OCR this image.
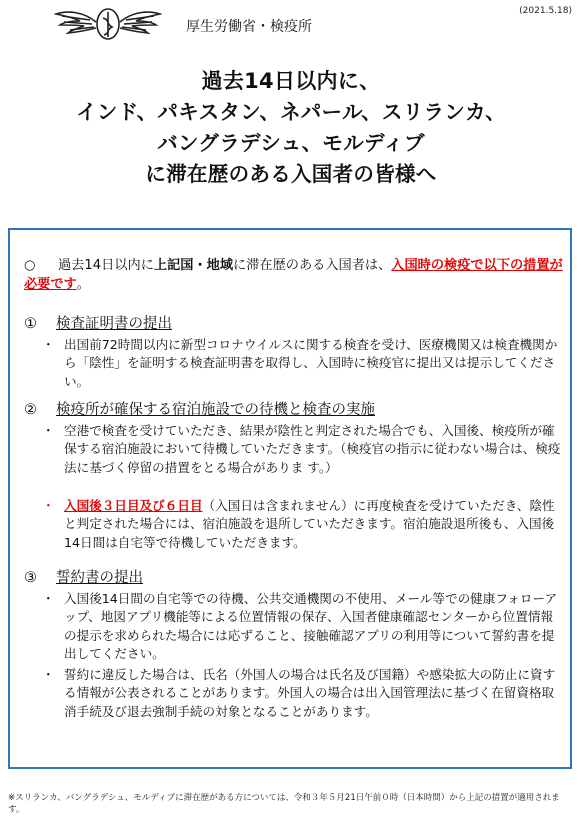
(2021.5.18)
厚生労働省・検疫所
過去14日以内に、
インド、パキスタン、ネパール、スリランカ、
バングラデシュ、モルディブ
に滞在歴のある入国者の皆様へ
○ 過去14日以内に上記国・地域に滞在歴のある入国者は、入国時の検疫で以下の措置が必要です。
① 検査証明書の提出
・ 出国前72時間以内に新型コロナウイルスに関する検査を受け、医療機関又は検査機関から「陰性」を証明する検査証明書を取得し、入国時に検疫官に提出又は提示してください。
② 検疫所が確保する宿泊施設での待機と検査の実施
・ 空港で検査を受けていただき、結果が陰性と判定された場合でも、入国後、検疫所が確保する宿泊施設において待機していただきます。（検疫官の指示に従わない場合は、検疫法に基づく停留の措置をとる場合がありま す。）
・ 入国後３日目及び６日目（入国日は含まれません）に再度検査を受けていただき、陰性と判定された場合には、宿泊施設を退所していただきます。宿泊施設退所後も、入国後14日間は自宅等で待機していただきます。
③ 誓約書の提出
・ 入国後14日間の自宅等での待機、公共交通機関の不使用、メール等での健康フォローアップ、地図アプリ機能等による位置情報の保存、入国者健康確認センターから位置情報の提示を求められた場合には応ずること、接触確認アプリの利用等について誓約書を提出してください。
・ 誓約に違反した場合は、氏名（外国人の場合は氏名及び国籍）や感染拡大の防止に資する情報が公表されることがあります。外国人の場合は出入国管理法に基づく在留資格取消手続及び退去強制手続の対象となることがあります。
※スリランカ、バングラデシュ、モルディブに滞在歴がある方については、令和３年５月21日午前０時（日本時間）から上記の措置が適用されます。
